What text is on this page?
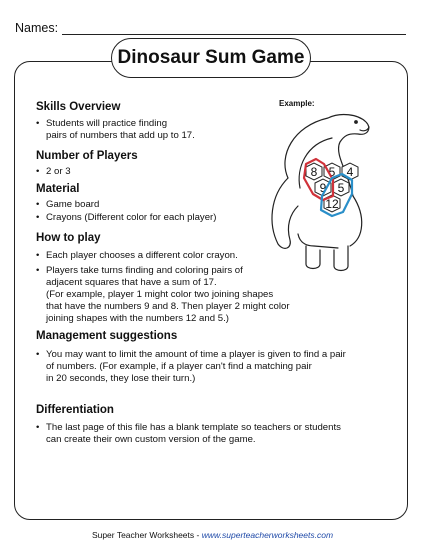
Names:
Dinosaur Sum Game
Skills Overview
• Students will practice finding
pairs of numbers that add up to 17.
Number of Players
• 2 or 3
Material
• Game board
• Crayons (Different color for each player)
How to play
• Each player chooses a different color crayon.
• Players take turns finding and coloring pairs of
adjacent squares that have a sum of 17.
(For example, player 1 might color two joining shapes
that have the numbers 9 and 8. Then player 2 might color
joining shapes with the numbers 12 and 5.)
Management suggestions
• You may want to limit the amount of time a player is given to find a pair
of numbers. (For example, if a player can't find a matching pair
in 20 seconds, they lose their turn.)
Differentiation
• The last page of this file has a blank template so teachers or students
can create their own custom version of the game.
Example:
8 5 4
9 5
12
Super Teacher Worksheets - www.superteacherworksheets.com
